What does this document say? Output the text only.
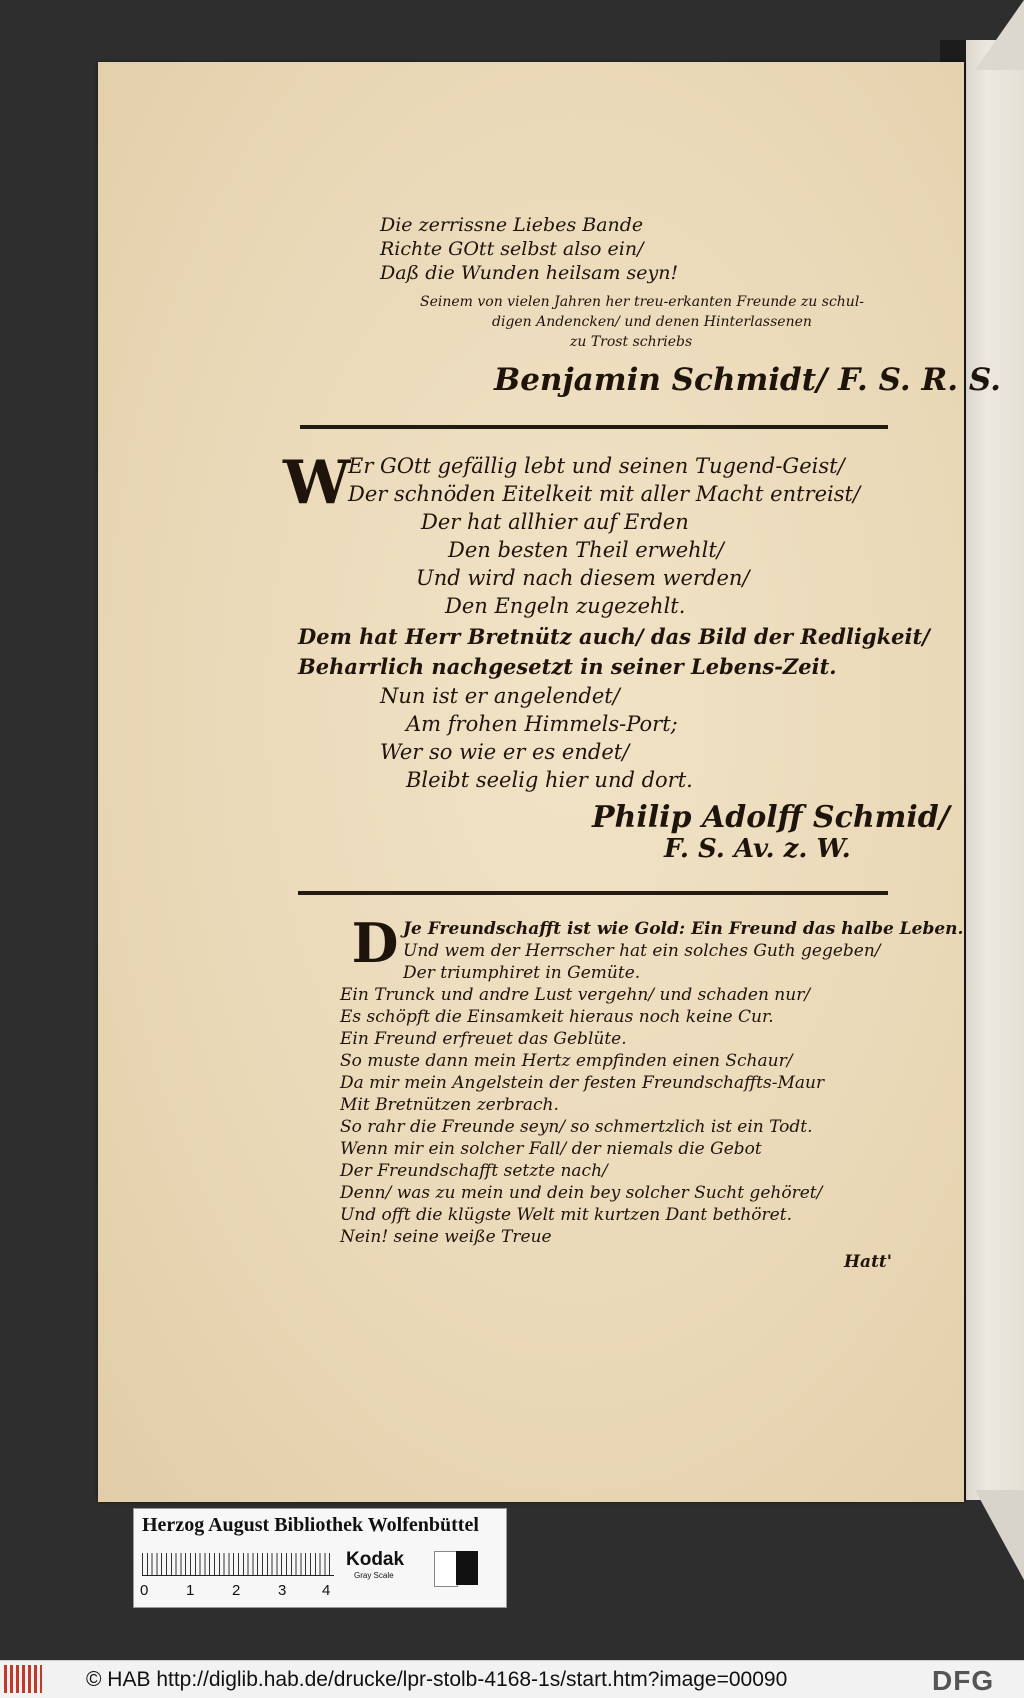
Die zerrissne Liebes Bande
Richte GOtt selbst also ein/
Daß die Wunden heilsam seyn!
Seinem von vielen Jahren her treu-erkanten Freunde zu schul-
digen Andencken/ und denen Hinterlassenen
zu Trost schriebs
Benjamin Schmidt/ F. S. R. S.
W
Er GOtt gefällig lebt und seinen Tugend-Geist/
Der schnöden Eitelkeit mit aller Macht entreist/
Der hat allhier auf Erden
Den besten Theil erwehlt/
Und wird nach diesem werden/
Den Engeln zugezehlt.
Dem hat Herr Bretnütz auch/ das Bild der Redligkeit/
Beharrlich nachgesetzt in seiner Lebens-Zeit.
Nun ist er angelendet/
Am frohen Himmels-Port;
Wer so wie er es endet/
Bleibt seelig hier und dort.
Philip Adolff Schmid/
F. S. Av. z. W.
D Je Freundschafft ist wie Gold: Ein Freund das halbe Leben.
Und wem der Herrscher hat ein solches Guth gegeben/
Der triumphiret in Gemüte.
Ein Trunck und andre Lust vergehn/ und schaden nur/
Es schöpft die Einsamkeit hieraus noch keine Cur.
Ein Freund erfreuet das Geblüte.
So muste dann mein Hertz empfinden einen Schaur/
Da mir mein Angelstein der festen Freundschaffts-Maur
Mit Bretnützen zerbrach.
So rahr die Freunde seyn/ so schmertzlich ist ein Todt.
Wenn mir ein solcher Fall/ der niemals die Gebot
Der Freundschafft setzte nach/
Denn/ was zu mein und dein bey solcher Sucht gehöret/
Und offt die klügste Welt mit kurtzen Dant bethöret.
Nein! seine weiße Treue
Hatt'
Herzog August Bibliothek Wolfenbüttel
0	1	2	3 4
Kodak
Gray Scale
© HAB http://diglib.hab.de/drucke/lpr-stolb-4168-1s/start.htm?image=00090	DFG
